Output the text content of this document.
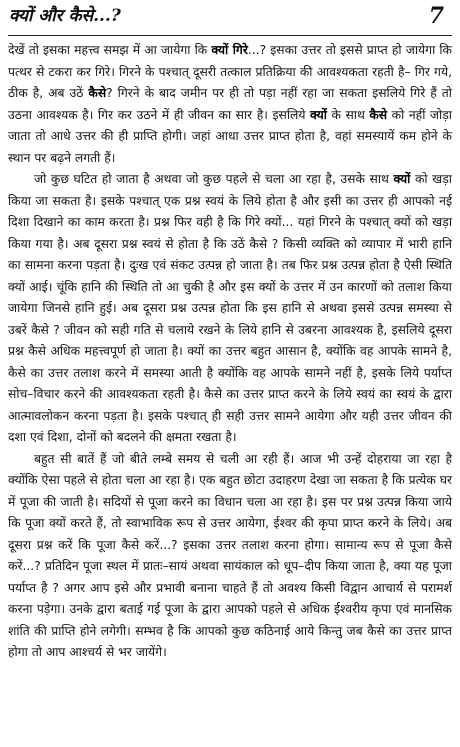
क्यों और कैसे...?	7

देखें तो इसका महत्त्व समझ में आ जायेगा कि क्यों गिरे...? इसका उत्तर तो इससे प्राप्त हो जायेगा कि पत्थर से टकरा कर गिरे। गिरने के पश्चात् दूसरी तत्काल प्रतिक्रिया की आवश्यकता रहती है– गिर गये, ठीक है, अब उठें कैसे? गिरने के बाद जमीन पर ही तो पड़ा नहीं रहा जा सकता इसलिये गिरे हैं तो उठना आवश्यक है। गिर कर उठने में ही जीवन का सार है। इसलिये क्यों के साथ कैसे को नहीं जोड़ा जाता तो आधे उत्तर की ही प्राप्ति होगी। जहां आधा उत्तर प्राप्त होता है, वहां समस्यायें कम होने के स्थान पर बढ़ने लगती हैं।

जो कुछ घटित हो जाता है अथवा जो कुछ पहले से चला आ रहा है, उसके साथ क्यों को खड़ा किया जा सकता है। इसके पश्चात् एक प्रश्न स्वयं के लिये होता है और इसी का उत्तर ही आपको नई दिशा दिखाने का काम करता है। प्रश्न फिर वही है कि गिरे क्यों... यहां गिरने के पश्चात् क्यों को खड़ा किया गया है। अब दूसरा प्रश्न स्वयं से होता है कि उठें कैसे ? किसी व्यक्ति को व्यापार में भारी हानि का सामना करना पड़ता है। दुःख एवं संकट उत्पन्न हो जाता है। तब फिर प्रश्न उत्पन्न होता है ऐसी स्थिति क्यों आई। चूंकि हानि की स्थिति तो आ चुकी है और इस क्यों के उत्तर में उन कारणों को तलाश किया जायेगा जिनसे हानि हुई। अब दूसरा प्रश्न उत्पन्न होता कि इस हानि से अथवा इससे उत्पन्न समस्या से उबरें कैसे ? जीवन को सही गति से चलाये रखने के लिये हानि से उबरना आवश्यक है, इसलिये दूसरा प्रश्न कैसे अधिक महत्त्वपूर्ण हो जाता है। क्यों का उत्तर बहुत आसान है, क्योंकि वह आपके सामने है, कैसे का उत्तर तलाश करने में समस्या आती है क्योंकि वह आपके सामने नहीं है, इसके लिये पर्याप्त सोच–विचार करने की आवश्यकता रहती है। कैसे का उत्तर प्राप्त करने के लिये स्वयं का स्वयं के द्वारा आत्मावलोकन करना पड़ता है। इसके पश्चात् ही सही उत्तर सामने आयेगा और यही उत्तर जीवन की दशा एवं दिशा, दोनों को बदलने की क्षमता रखता है।

बहुत सी बातें हैं जो बीते लम्बे समय से चली आ रही हैं। आज भी उन्हें दोहराया जा रहा है क्योंकि ऐसा पहले से होता चला आ रहा है। एक बहुत छोटा उदाहरण देखा जा सकता है कि प्रत्येक घर में पूजा की जाती है। सदियों से पूजा करने का विधान चला आ रहा है। इस पर प्रश्न उत्पन्न किया जाये कि पूजा क्यों करते हैं, तो स्वाभाविक रूप से उत्तर आयेगा, ईश्वर की कृपा प्राप्त करने के लिये। अब दूसरा प्रश्न करें कि पूजा कैसे करें...? इसका उत्तर तलाश करना होगा। सामान्य रूप से पूजा कैसे करें...? प्रतिदिन पूजा स्थल में प्रातः–सायं अथवा सायंकाल को धूप–दीप किया जाता है, क्या यह पूजा पर्याप्त है ? अगर आप इसे और प्रभावी बनाना चाहते हैं तो अवश्य किसी विद्वान आचार्य से परामर्श करना पड़ेगा। उनके द्वारा बताई गई पूजा के द्वारा आपको पहले से अधिक ईश्वरीय कृपा एवं मानसिक शांति की प्राप्ति होने लगेगी। सम्भव है कि आपको कुछ कठिनाई आये किन्तु जब कैसे का उत्तर प्राप्त होगा तो आप आश्चर्य से भर जायेंगे।
